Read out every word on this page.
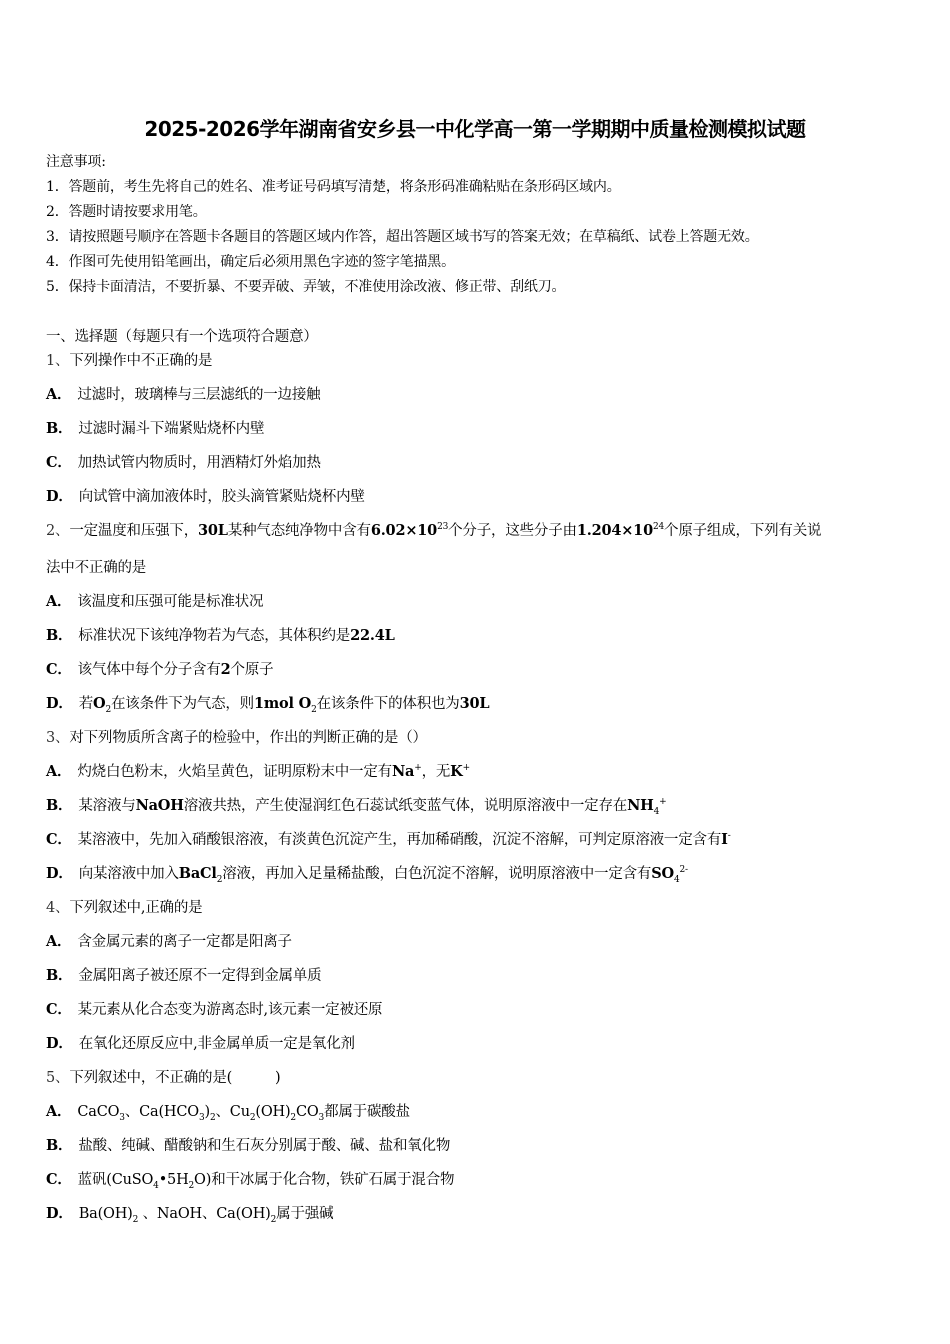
2025-2026学年湖南省安乡县一中化学高一第一学期期中质量检测模拟试题
注意事项:
1．答题前，考生先将自己的姓名、准考证号码填写清楚，将条形码准确粘贴在条形码区域内。
2．答题时请按要求用笔。
3．请按照题号顺序在答题卡各题目的答题区域内作答，超出答题区域书写的答案无效；在草稿纸、试卷上答题无效。
4．作图可先使用铅笔画出，确定后必须用黑色字迹的签字笔描黑。
5．保持卡面清洁，不要折暴、不要弄破、弄皱，不准使用涂改液、修正带、刮纸刀。
一、选择题（每题只有一个选项符合题意）
1、下列操作中不正确的是
A． 过滤时，玻璃棒与三层滤纸的一边接触
B． 过滤时漏斗下端紧贴烧杯内壁
C． 加热试管内物质时，用酒精灯外焰加热
D． 向试管中滴加液体时，胶头滴管紧贴烧杯内壁
2、一定温度和压强下，30L某种气态纯净物中含有$6.02\times 10^{23}$个分子，这些分子由$1.204\times 10^{24}$个原子组成，下列有关说
法中不正确的是
A． 该温度和压强可能是标准状况
B． 标准状况下该纯净物若为气态，其体积约是22.4L
C． 该气体中每个分子含有2个原子
D． 若$O_2$在该条件下为气态，则1mol $O_2$在该条件下的体积也为30L
3、对下列物质所含离子的检验中，作出的判断正确的是（）
A． 灼烧白色粉末，火焰呈黄色，证明原粉末中一定有Na+，无K+
B． 某溶液与NaOH溶液共热，产生使湿润红色石蕊试纸变蓝气体，说明原溶液中一定存在$NH_4^+$
C． 某溶液中，先加入硝酸银溶液，有淡黄色沉淀产生，再加稀硝酸，沉淀不溶解，可判定原溶液一定含有I-
D． 向某溶液中加入BaCl$_2$溶液，再加入足量稀盐酸，白色沉淀不溶解，说明原溶液中一定含有$SO_4^{2-}$
4、下列叙述中,正确的是
A． 含金属元素的离子一定都是阳离子
B． 金属阳离子被还原不一定得到金属单质
C． 某元素从化合态变为游离态时,该元素一定被还原
D． 在氧化还原反应中,非金属单质一定是氧化剂
5、下列叙述中，不正确的是(　　　)
A． CaCO$_3$、$Ca(HCO_3)_2$、$Cu_2(OH)_2CO_3$都属于碳酸盐
B． 盐酸、纯碱、醋酸钠和生石灰分别属于酸、碱、盐和氧化物
C． 蓝矾$(CuSO_4•5H_2O)$和干冰属于化合物，铁矿石属于混合物
D． $Ba(OH)_2$ 、NaOH、$Ca(OH)_2$属于强碱
